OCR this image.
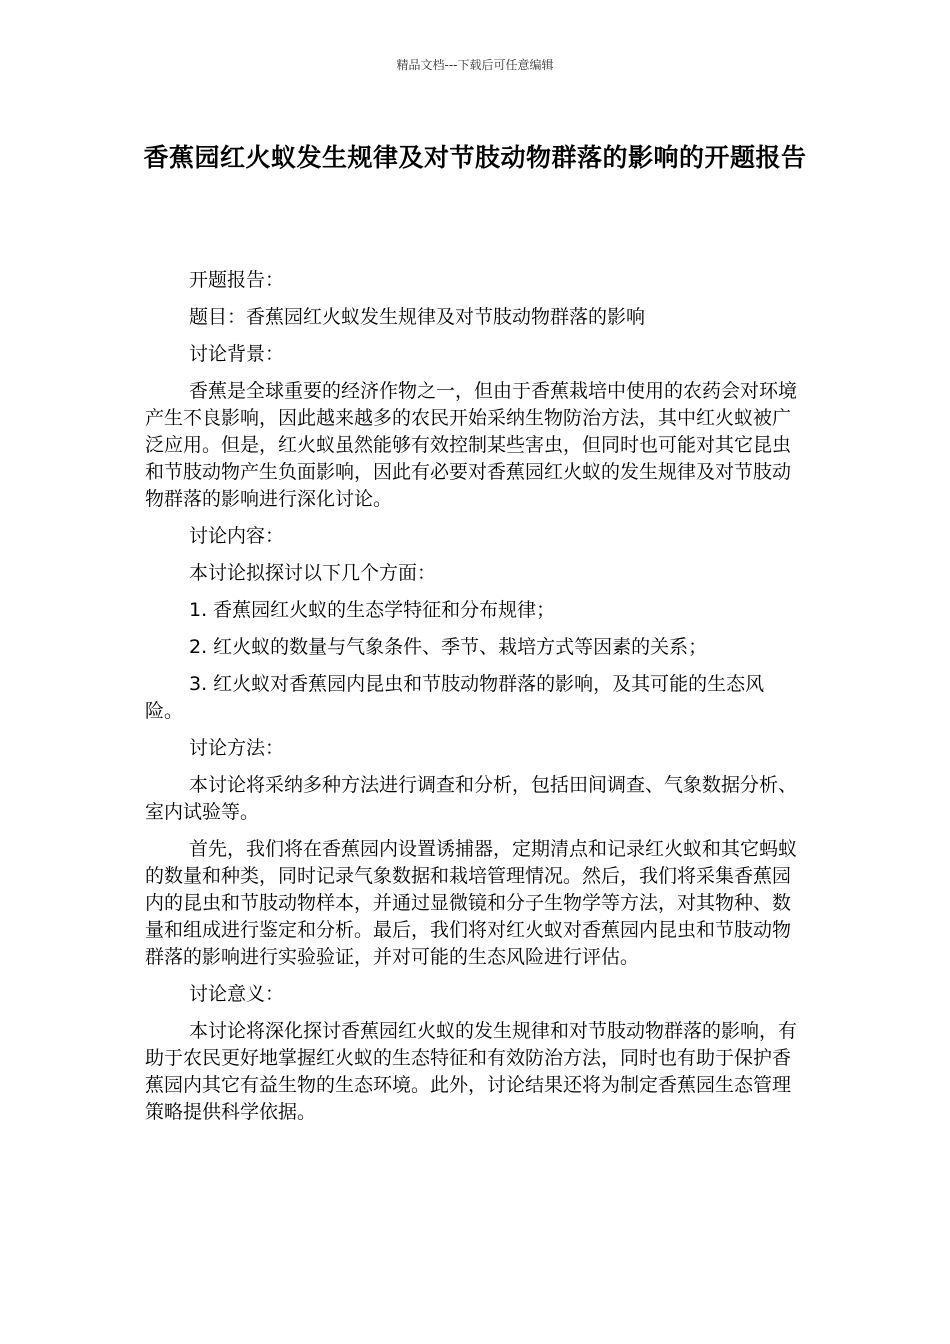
精品文档---下载后可任意编辑
香蕉园红火蚁发生规律及对节肢动物群落的影响的开题报告

开题报告：

题目：香蕉园红火蚁发生规律及对节肢动物群落的影响

讨论背景：

香蕉是全球重要的经济作物之一，但由于香蕉栽培中使用的农药会对环境产生不良影响，因此越来越多的农民开始采纳生物防治方法，其中红火蚁被广泛应用。但是，红火蚁虽然能够有效控制某些害虫，但同时也可能对其它昆虫和节肢动物产生负面影响，因此有必要对香蕉园红火蚁的发生规律及对节肢动物群落的影响进行深化讨论。

讨论内容：

本讨论拟探讨以下几个方面：

1. 香蕉园红火蚁的生态学特征和分布规律；

2. 红火蚁的数量与气象条件、季节、栽培方式等因素的关系；

3. 红火蚁对香蕉园内昆虫和节肢动物群落的影响，及其可能的生态风险。

讨论方法：

本讨论将采纳多种方法进行调查和分析，包括田间调查、气象数据分析、室内试验等。

首先，我们将在香蕉园内设置诱捕器，定期清点和记录红火蚁和其它蚂蚁的数量和种类，同时记录气象数据和栽培管理情况。然后，我们将采集香蕉园内的昆虫和节肢动物样本，并通过显微镜和分子生物学等方法，对其物种、数量和组成进行鉴定和分析。最后，我们将对红火蚁对香蕉园内昆虫和节肢动物群落的影响进行实验验证，并对可能的生态风险进行评估。

讨论意义：

本讨论将深化探讨香蕉园红火蚁的发生规律和对节肢动物群落的影响，有助于农民更好地掌握红火蚁的生态特征和有效防治方法，同时也有助于保护香蕉园内其它有益生物的生态环境。此外，讨论结果还将为制定香蕉园生态管理策略提供科学依据。
